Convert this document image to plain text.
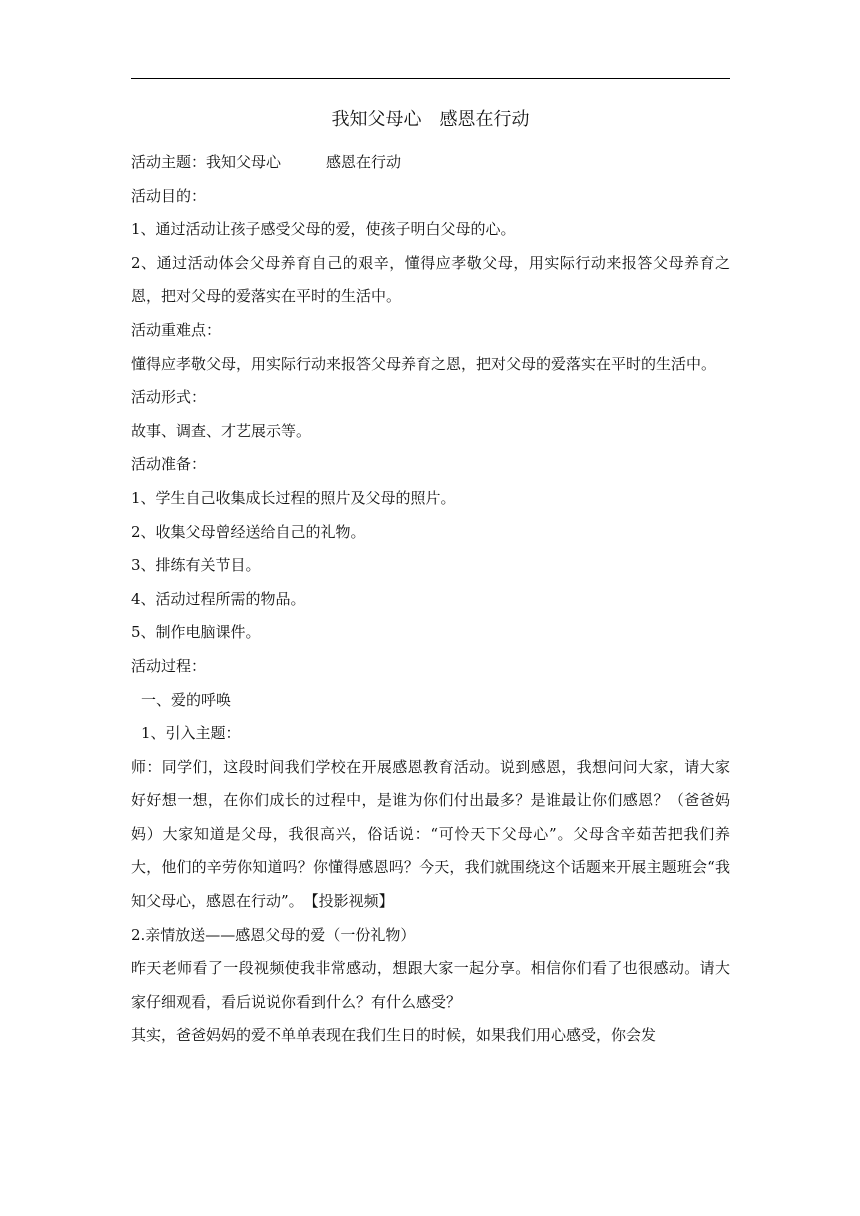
我知父母心　感恩在行动

活动主题：我知父母心　　　感恩在行动

活动目的：

1、通过活动让孩子感受父母的爱，使孩子明白父母的心。

2、通过活动体会父母养育自己的艰辛，懂得应孝敬父母，用实际行动来报答父母养育之恩，把对父母的爱落实在平时的生活中。

活动重难点：

懂得应孝敬父母，用实际行动来报答父母养育之恩，把对父母的爱落实在平时的生活中。

活动形式：

故事、调查、才艺展示等。

活动准备：

1、学生自己收集成长过程的照片及父母的照片。

2、收集父母曾经送给自己的礼物。

3、排练有关节目。

4、活动过程所需的物品。

5、制作电脑课件。

活动过程：

一、爱的呼唤

1、引入主题：

师：同学们，这段时间我们学校在开展感恩教育活动。说到感恩，我想问问大家，请大家好好想一想，在你们成长的过程中，是谁为你们付出最多？是谁最让你们感恩？（爸爸妈妈）大家知道是父母，我很高兴，俗话说：“可怜天下父母心”。父母含辛茹苦把我们养大，他们的辛劳你知道吗？你懂得感恩吗？今天，我们就围绕这个话题来开展主题班会“我知父母心，感恩在行动”。　【投影视频】

2.亲情放送——感恩父母的爱（一份礼物）

昨天老师看了一段视频使我非常感动，想跟大家一起分享。相信你们看了也很感动。请大家仔细观看，看后说说你看到什么？有什么感受？

其实，爸爸妈妈的爱不单单表现在我们生日的时候，如果我们用心感受，你会发
